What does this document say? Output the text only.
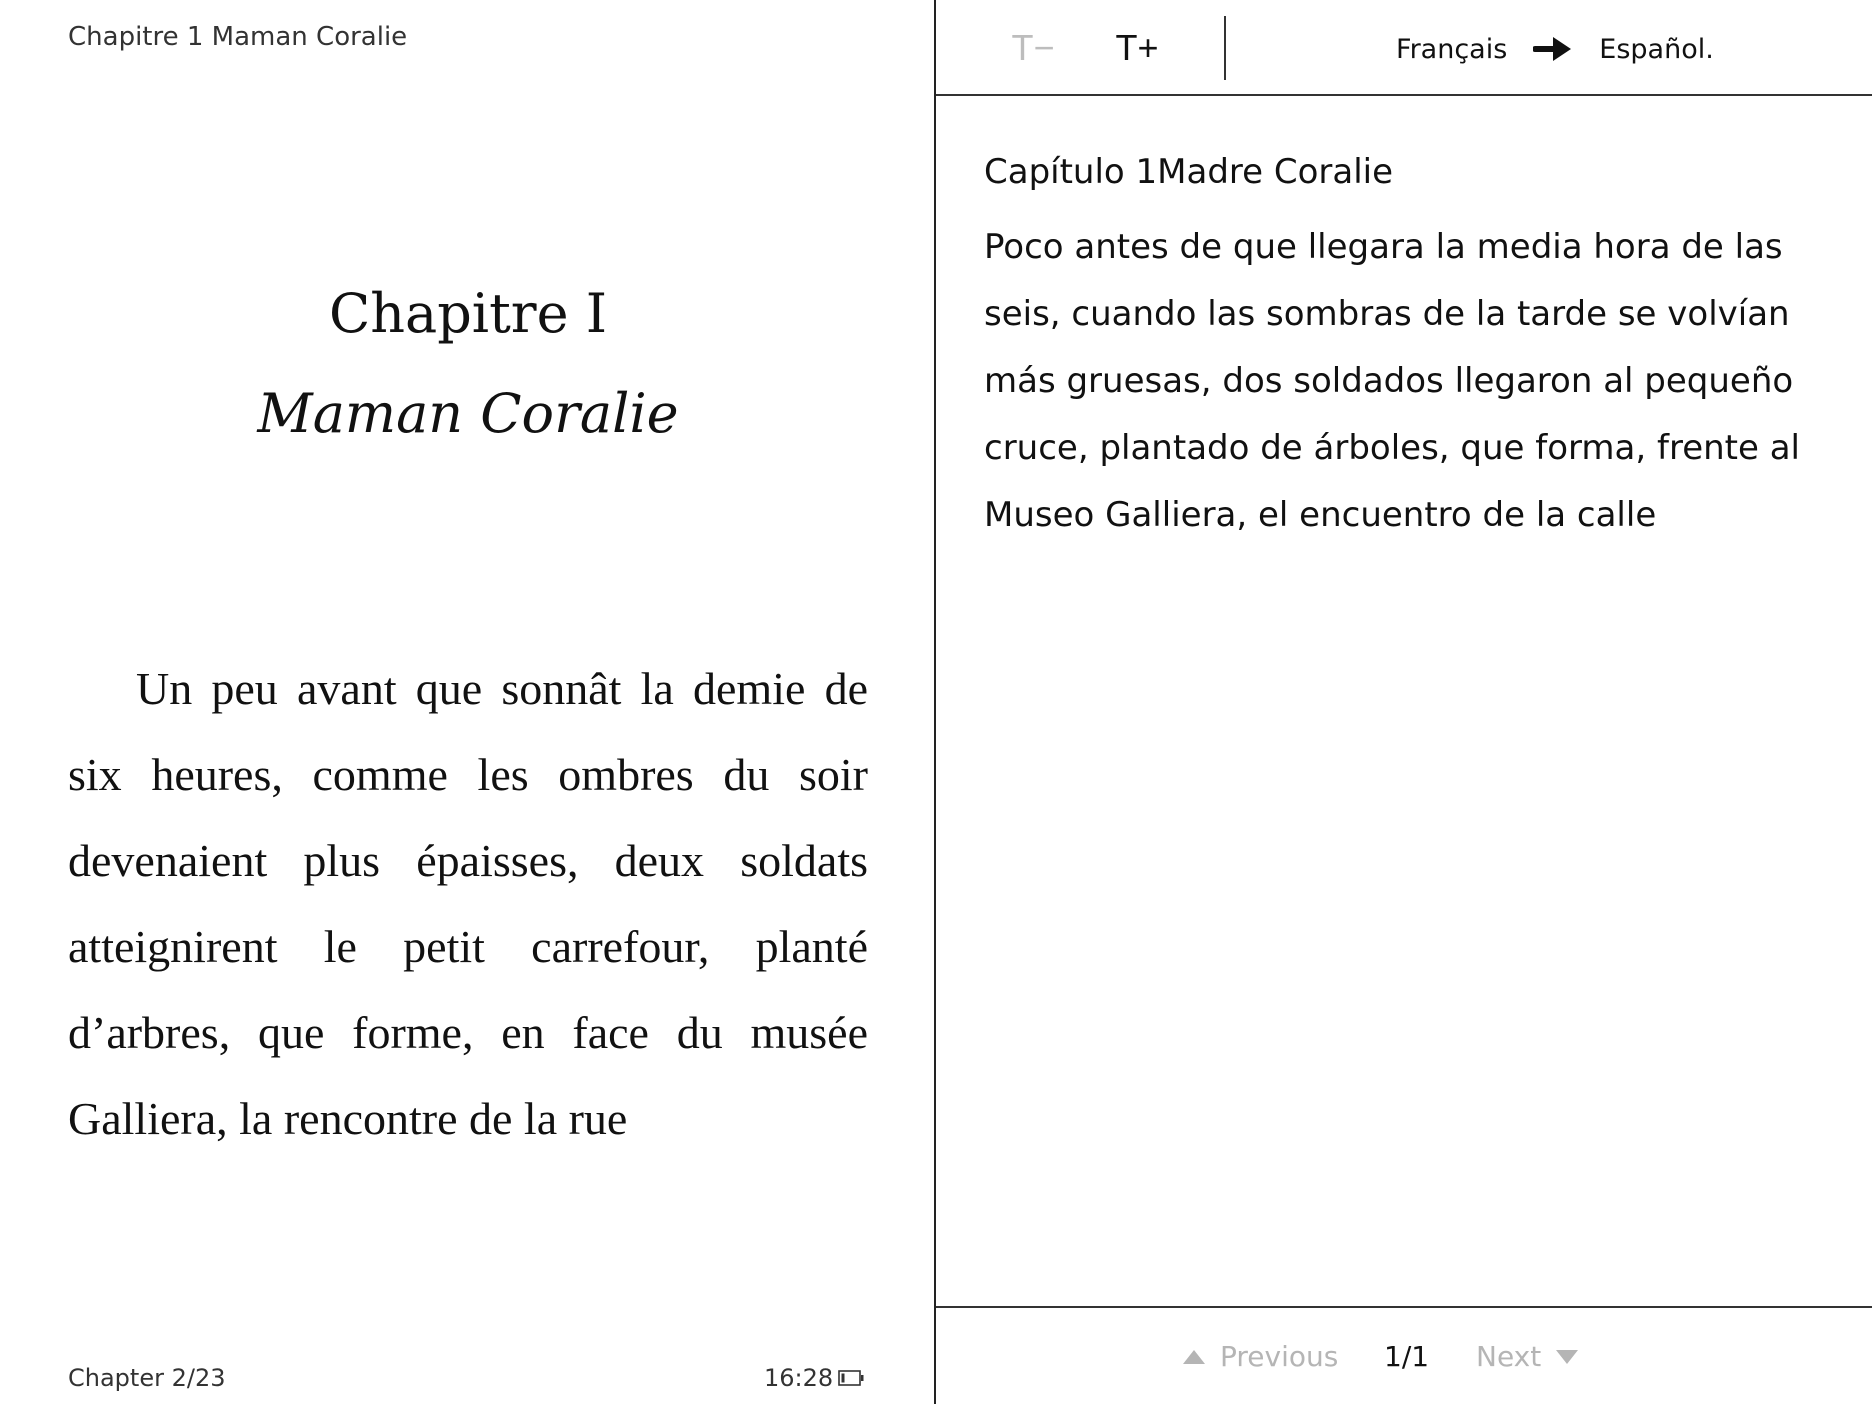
Chapitre 1 Maman Coralie
Chapitre I
Maman Coralie

Un peu avant que sonnât la demie de six heures, comme les ombres du soir devenaient plus épaisses, deux soldats atteignirent le petit carrefour, planté d’arbres, que forme, en face du musée Galliera, la rencontre de la rue

Chapter 2/23	16:28
T−	T+	Français	Español.
Capítulo 1Madre Coralie
Poco antes de que llegara la media hora de las seis, cuando las sombras de la tarde se volvían más gruesas, dos soldados llegaron al pequeño cruce, plantado de árboles, que forma, frente al Museo Galliera, el encuentro de la calle
Previous 1/1 Next
